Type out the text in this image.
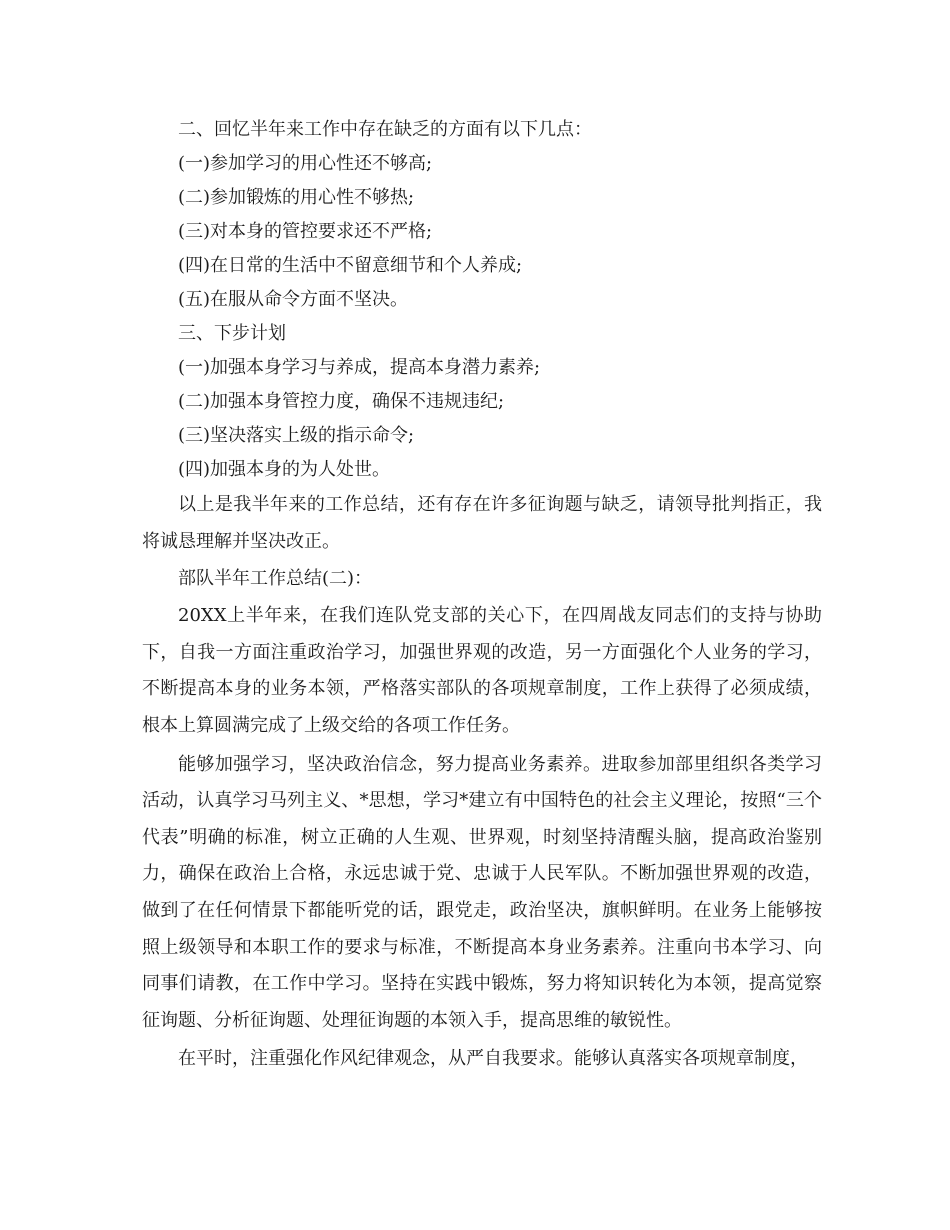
二、回忆半年来工作中存在缺乏的方面有以下几点：
(一)参加学习的用心性还不够高;
(二)参加锻炼的用心性不够热;
(三)对本身的管控要求还不严格;
(四)在日常的生活中不留意细节和个人养成;
(五)在服从命令方面不坚决。
三、下步计划
(一)加强本身学习与养成，提高本身潜力素养;
(二)加强本身管控力度，确保不违规违纪;
(三)坚决落实上级的指示命令;
(四)加强本身的为人处世。

以上是我半年来的工作总结，还有存在许多征询题与缺乏，请领导批判指正，我将诚恳理解并坚决改正。

部队半年工作总结(二)：

20XX上半年来，在我们连队党支部的关心下，在四周战友同志们的支持与协助下，自我一方面注重政治学习，加强世界观的改造，另一方面强化个人业务的学习，不断提高本身的业务本领，严格落实部队的各项规章制度，工作上获得了必须成绩，根本上算圆满完成了上级交给的各项工作任务。

能够加强学习，坚决政治信念，努力提高业务素养。进取参加部里组织各类学习活动，认真学习马列主义、*思想，学习*建立有中国特色的社会主义理论，按照“三个代表”明确的标准，树立正确的人生观、世界观，时刻坚持清醒头脑，提高政治鉴别力，确保在政治上合格，永远忠诚于党、忠诚于人民军队。不断加强世界观的改造，做到了在任何情景下都能听党的话，跟党走，政治坚决，旗帜鲜明。在业务上能够按照上级领导和本职工作的要求与标准，不断提高本身业务素养。注重向书本学习、向同事们请教，在工作中学习。坚持在实践中锻炼，努力将知识转化为本领，提高觉察征询题、分析征询题、处理征询题的本领入手，提高思维的敏锐性。

在平时，注重强化作风纪律观念，从严自我要求。能够认真落实各项规章制度，
